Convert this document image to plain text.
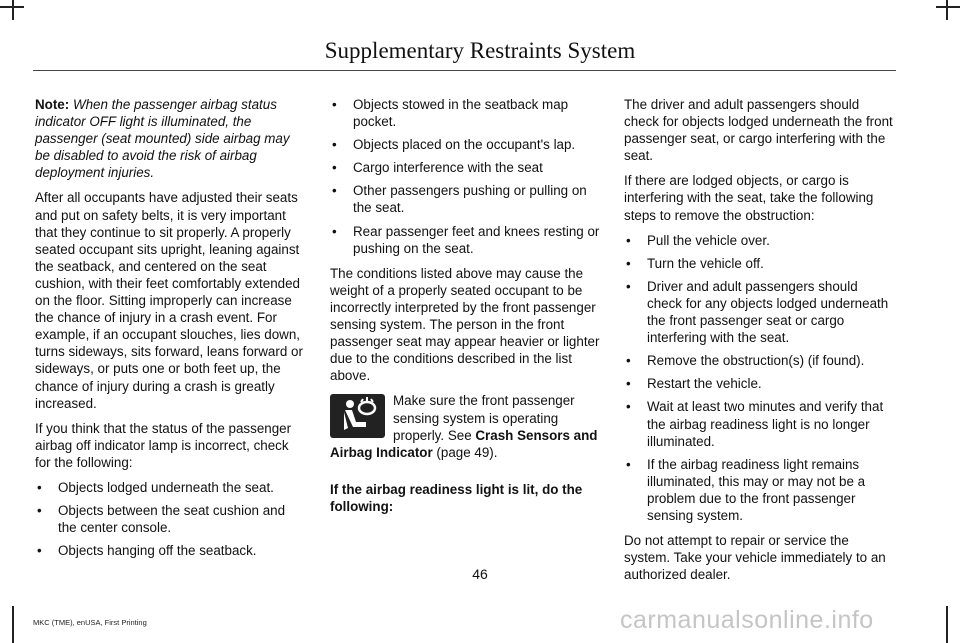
Supplementary Restraints System

Note: When the passenger airbag status indicator OFF light is illuminated, the passenger (seat mounted) side airbag may be disabled to avoid the risk of airbag deployment injuries.

After all occupants have adjusted their seats and put on safety belts, it is very important that they continue to sit properly. A properly seated occupant sits upright, leaning against the seatback, and centered on the seat cushion, with their feet comfortably extended on the floor. Sitting improperly can increase the chance of injury in a crash event. For example, if an occupant slouches, lies down, turns sideways, sits forward, leans forward or sideways, or puts one or both feet up, the chance of injury during a crash is greatly increased.

If you think that the status of the passenger airbag off indicator lamp is incorrect, check for the following:

• Objects lodged underneath the seat.
• Objects between the seat cushion and the center console.
• Objects hanging off the seatback.
• Objects stowed in the seatback map pocket.
• Objects placed on the occupant's lap.
• Cargo interference with the seat
• Other passengers pushing or pulling on the seat.
• Rear passenger feet and knees resting or pushing on the seat.

The conditions listed above may cause the weight of a properly seated occupant to be incorrectly interpreted by the front passenger sensing system. The person in the front passenger seat may appear heavier or lighter due to the conditions described in the list above.

Make sure the front passenger sensing system is operating properly. See Crash Sensors and Airbag Indicator (page 49).

If the airbag readiness light is lit, do the following:

The driver and adult passengers should check for objects lodged underneath the front passenger seat, or cargo interfering with the seat.

If there are lodged objects, or cargo is interfering with the seat, take the following steps to remove the obstruction:

• Pull the vehicle over.
• Turn the vehicle off.
• Driver and adult passengers should check for any objects lodged underneath the front passenger seat or cargo interfering with the seat.
• Remove the obstruction(s) (if found).
• Restart the vehicle.
• Wait at least two minutes and verify that the airbag readiness light is no longer illuminated.
• If the airbag readiness light remains illuminated, this may or may not be a problem due to the front passenger sensing system.

Do not attempt to repair or service the system. Take your vehicle immediately to an authorized dealer.

46
MKC (TME), enUSA, First Printing	carmanualsonline.info
